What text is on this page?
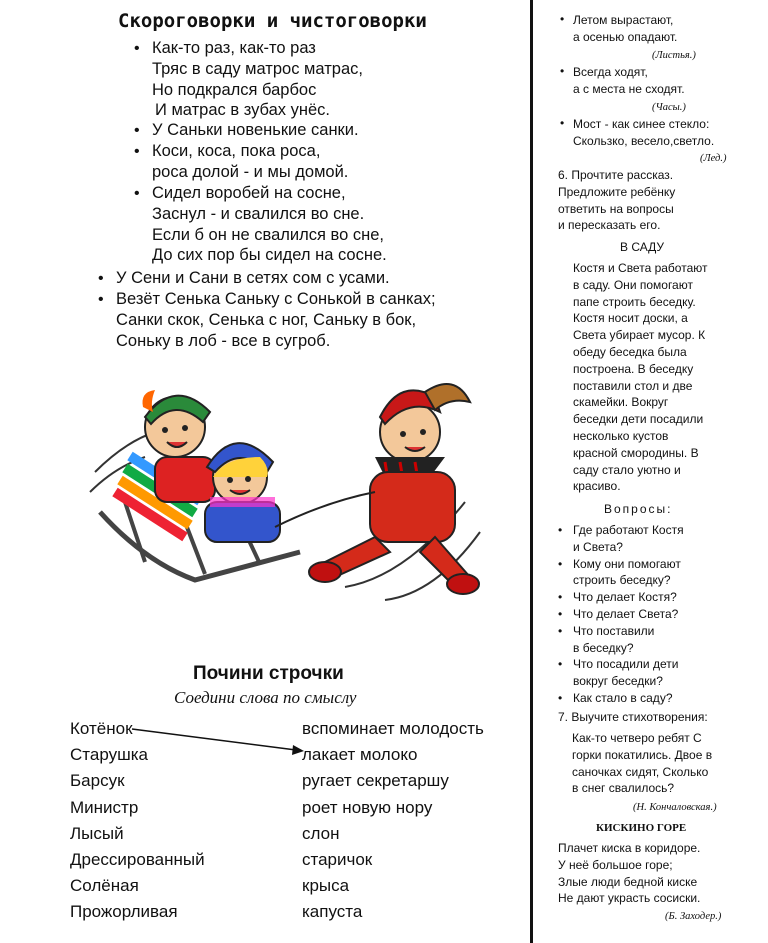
Скороговорки и чистоговорки
• Как-то раз, как-то раз
Тряс в саду матрос матрас,
Но подкрался барбос
И матрас в зубах унёс.
• У Саньки новенькие санки.
• Коси, коса, пока роса,
роса долой - и мы домой.
• Сидел воробей на сосне,
Заснул - и свалился во сне.
Если б он не свалился во сне,
До сих пор бы сидел на сосне.
• У Сени и Сани в сетях сом с усами.
• Везёт Сенька Саньку с Сонькой в санках;
Санки скок, Сенька с ног, Саньку в бок,
Соньку в лоб - все в сугроб.
Почини строчки
Соедини слова по смыслу
Котёнок
Старушка
Барсук
Министр
Лысый
Дрессированный
Солёная
Прожорливая
вспоминает молодость
лакает молоко
ругает секретаршу
роет новую нору
слон
старичок
крыса
капуста
• Летом вырастают,
а осенью опадают.
(Листья.)
• Всегда ходят,
а с места не сходят.
(Часы.)
• Мост - как синее стекло:
Скользко, весело,светло.
(Лед.)
6. Прочтите рассказ.
Предложите ребёнку
ответить на вопросы
и пересказать его.
В САДУ
Костя и Света работают
в саду. Они помогают
папе строить беседку.
Костя носит доски, а
Света убирает мусор. К
обеду беседка была
построена. В беседку
поставили стол и две
скамейки. Вокруг
беседки дети посадили
несколько кустов
красной смородины. В
саду стало уютно и
красиво.
Вопросы:
• Где работают Костя
и Света?
• Кому они помогают
строить беседку?
• Что делает Костя?
• Что делает Света?
• Что поставили
в беседку?
• Что посадили дети
вокруг беседки?
• Как стало в саду?
7. Выучите стихотворения:
Как-то четверо ребят С
горки покатились. Двое в
саночках сидят, Сколько
в снег свалилось?
(Н. Кончаловская.)
КИСКИНО ГОРЕ
Плачет киска в коридоре.
У неё большое горе;
Злые люди бедной киске
Не дают украсть сосиски.
(Б. Заходер.)
